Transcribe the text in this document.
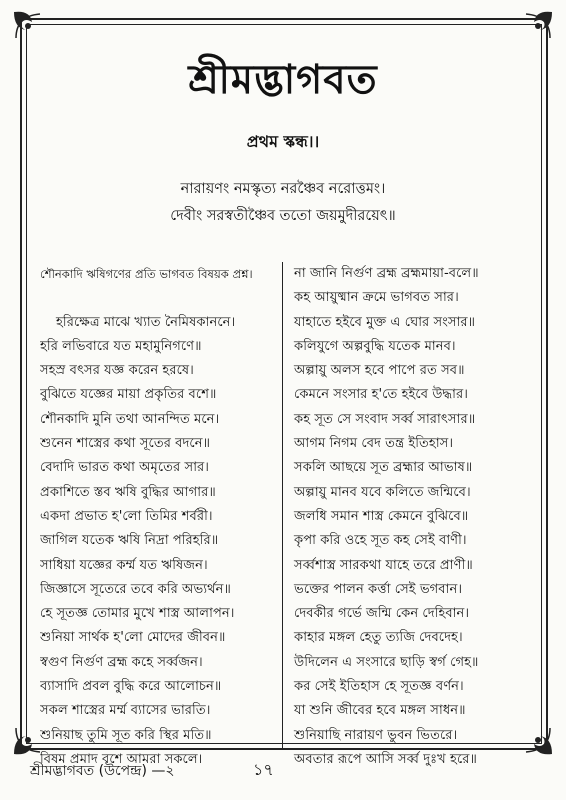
শ্রীমদ্ভাগবত
প্রথম স্কন্ধ।।
নারায়ণং নমস্কৃত্য নরঞ্চৈব নরোত্তমং।
দেবীং সরস্বতীঞ্চৈব ততো জয়মুদীরয়েৎ॥
শৌনকাদি ঋষিগণের প্রতি ভাগবত বিষয়ক প্রশ্ন।
হরিক্ষেত্র মাঝে খ্যাত নৈমিষকাননে।
হরি লভিবারে যত মহামুনিগণে॥
সহস্র বৎসর যজ্ঞ করেন হরষে।
বুঝিতে যজ্ঞের মায়া প্রকৃতির বশে॥
শৌনকাদি মুনি তথা আনন্দিত মনে।
শুনেন শাস্ত্রের কথা সূতের বদনে॥
বেদাদি ভারত কথা অমৃতের সার।
প্রকাশিতে স্তব ঋষি বুদ্ধির আগার॥
একদা প্রভাত হ'লো তিমির শর্বরী।
জাগিল যতেক ঋষি নিদ্রা পরিহরি॥
সাধিয়া যজ্ঞের কর্ম্ম যত ঋষিজন।
জিজ্ঞাসে সূতেরে তবে করি অভ্যর্থন॥
হে সূতজ্ঞ তোমার মুখে শাস্ত্র আলাপন।
শুনিয়া সার্থক হ'লো মোদের জীবন॥
স্বগুণ নির্গুণ ব্রহ্ম কহে সর্ব্বজন।
ব্যাসাদি প্রবল বুদ্ধি করে আলোচন॥
সকল শাস্ত্রের মর্ম্ম ব্যাসের ভারতি।
শুনিয়াছ তুমি সূত করি স্থির মতি॥
বিষম প্রমাদ বশে আমরা সকলে।
না জানি নির্গুণ ব্রহ্ম ব্রহ্মমায়া-বলে॥
কহ আয়ুষ্মান ক্রমে ভাগবত সার।
যাহাতে হইবে মুক্ত এ ঘোর সংসার॥
কলিযুগে অল্পবুদ্ধি যতেক মানব।
অল্পায়ু অলস হবে পাপে রত সব॥
কেমনে সংসার হ'তে হইবে উদ্ধার।
কহ সূত সে সংবাদ সর্ব্ব সারাৎসার॥
আগম নিগম বেদ তন্ত্র ইতিহাস।
সকলি আছয়ে সূত ব্রহ্মার আভাষ॥
অল্পায়ু মানব যবে কলিতে জন্মিবে।
জলধি সমান শাস্ত্র কেমনে বুঝিবে॥
কৃপা করি ওহে সূত কহ সেই বাণী।
সর্ব্বশাস্ত্র সারকথা যাহে তরে প্রাণী॥
ভক্তের পালন কর্ত্তা সেই ভগবান।
দেবকীর গর্ভে জন্মি কেন দেহিবান।
কাহার মঙ্গল হেতু ত্যজি দেবদেহ।
উদিলেন এ সংসারে ছাড়ি স্বর্গ গেহ॥
কর সেই ইতিহাস হে সূতজ্ঞ বর্ণন।
যা শুনি জীবের হবে মঙ্গল সাধন॥
শুনিয়াছি নারায়ণ ভুবন ভিতরে।
অবতার রূপে আসি সর্ব্ব দুঃখ হরে॥
শ্রীমদ্ভাগবত (উপেন্দ্র) —২	১৭
